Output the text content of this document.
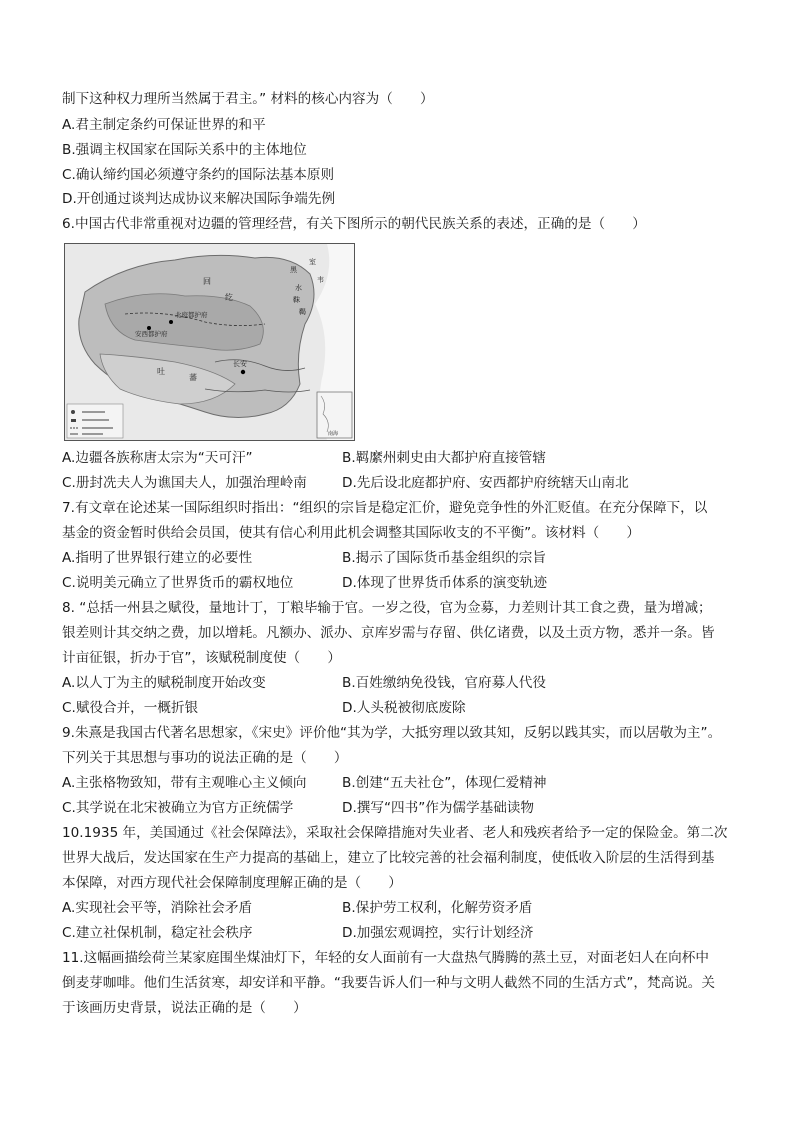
制下这种权力理所当然属于君主。” 材料的核心内容为（　　）
A.君主制定条约可保证世界的和平
B.强调主权国家在国际关系中的主体地位
C.确认缔约国必须遵守条约的国际法基本原则
D.开创通过谈判达成协议来解决国际争端先例
6.中国古代非常重视对边疆的管理经营，有关下图所示的朝代民族关系的表述，正确的是（　　）
回
纥
室
韦
黑
水
靺
鞨
北庭都护府
安西都护府
吐
蕃
长安
南海
A.边疆各族称唐太宗为“天可汗”	B.羁縻州刺史由大都护府直接管辖
C.册封冼夫人为谯国夫人，加强治理岭南	D.先后设北庭都护府、安西都护府统辖天山南北
7.有文章在论述某一国际组织时指出：“组织的宗旨是稳定汇价，避免竞争性的外汇贬值。在充分保障下，以
基金的资金暂时供给会员国，使其有信心利用此机会调整其国际收支的不平衡”。该材料（　　）
A.指明了世界银行建立的必要性	B.揭示了国际货币基金组织的宗旨
C.说明美元确立了世界货币的霸权地位	D.体现了世界货币体系的演变轨迹
8. “总括一州县之赋役，量地计丁，丁粮毕输于官。一岁之役，官为佥募，力差则计其工食之费，量为增减；
银差则计其交纳之费，加以增耗。凡额办、派办、京库岁需与存留、供亿诸费，以及土贡方物，悉并一条。皆
计亩征银，折办于官”，该赋税制度使（　　）
A.以人丁为主的赋税制度开始改变	B.百姓缴纳免役钱，官府募人代役
C.赋役合并，一概折银	D.人头税被彻底废除
9.朱熹是我国古代著名思想家，《宋史》评价他“其为学，大抵穷理以致其知，反躬以践其实，而以居敬为主”。
下列关于其思想与事功的说法正确的是（　　）
A.主张格物致知，带有主观唯心主义倾向	B.创建“五夫社仓”，体现仁爱精神
C.其学说在北宋被确立为官方正统儒学	D.撰写“四书”作为儒学基础读物
10.1935 年，美国通过《社会保障法》，采取社会保障措施对失业者、老人和残疾者给予一定的保险金。第二次
世界大战后，发达国家在生产力提高的基础上，建立了比较完善的社会福利制度，使低收入阶层的生活得到基
本保障，对西方现代社会保障制度理解正确的是（　　）
A.实现社会平等，消除社会矛盾	B.保护劳工权利，化解劳资矛盾
C.建立社保机制，稳定社会秩序	D.加强宏观调控，实行计划经济
11.这幅画描绘荷兰某家庭围坐煤油灯下，年轻的女人面前有一大盘热气腾腾的蒸土豆，对面老妇人在向杯中
倒麦芽咖啡。他们生活贫寒，却安详和平静。“我要告诉人们一种与文明人截然不同的生活方式”，梵高说。关
于该画历史背景，说法正确的是（　　）
